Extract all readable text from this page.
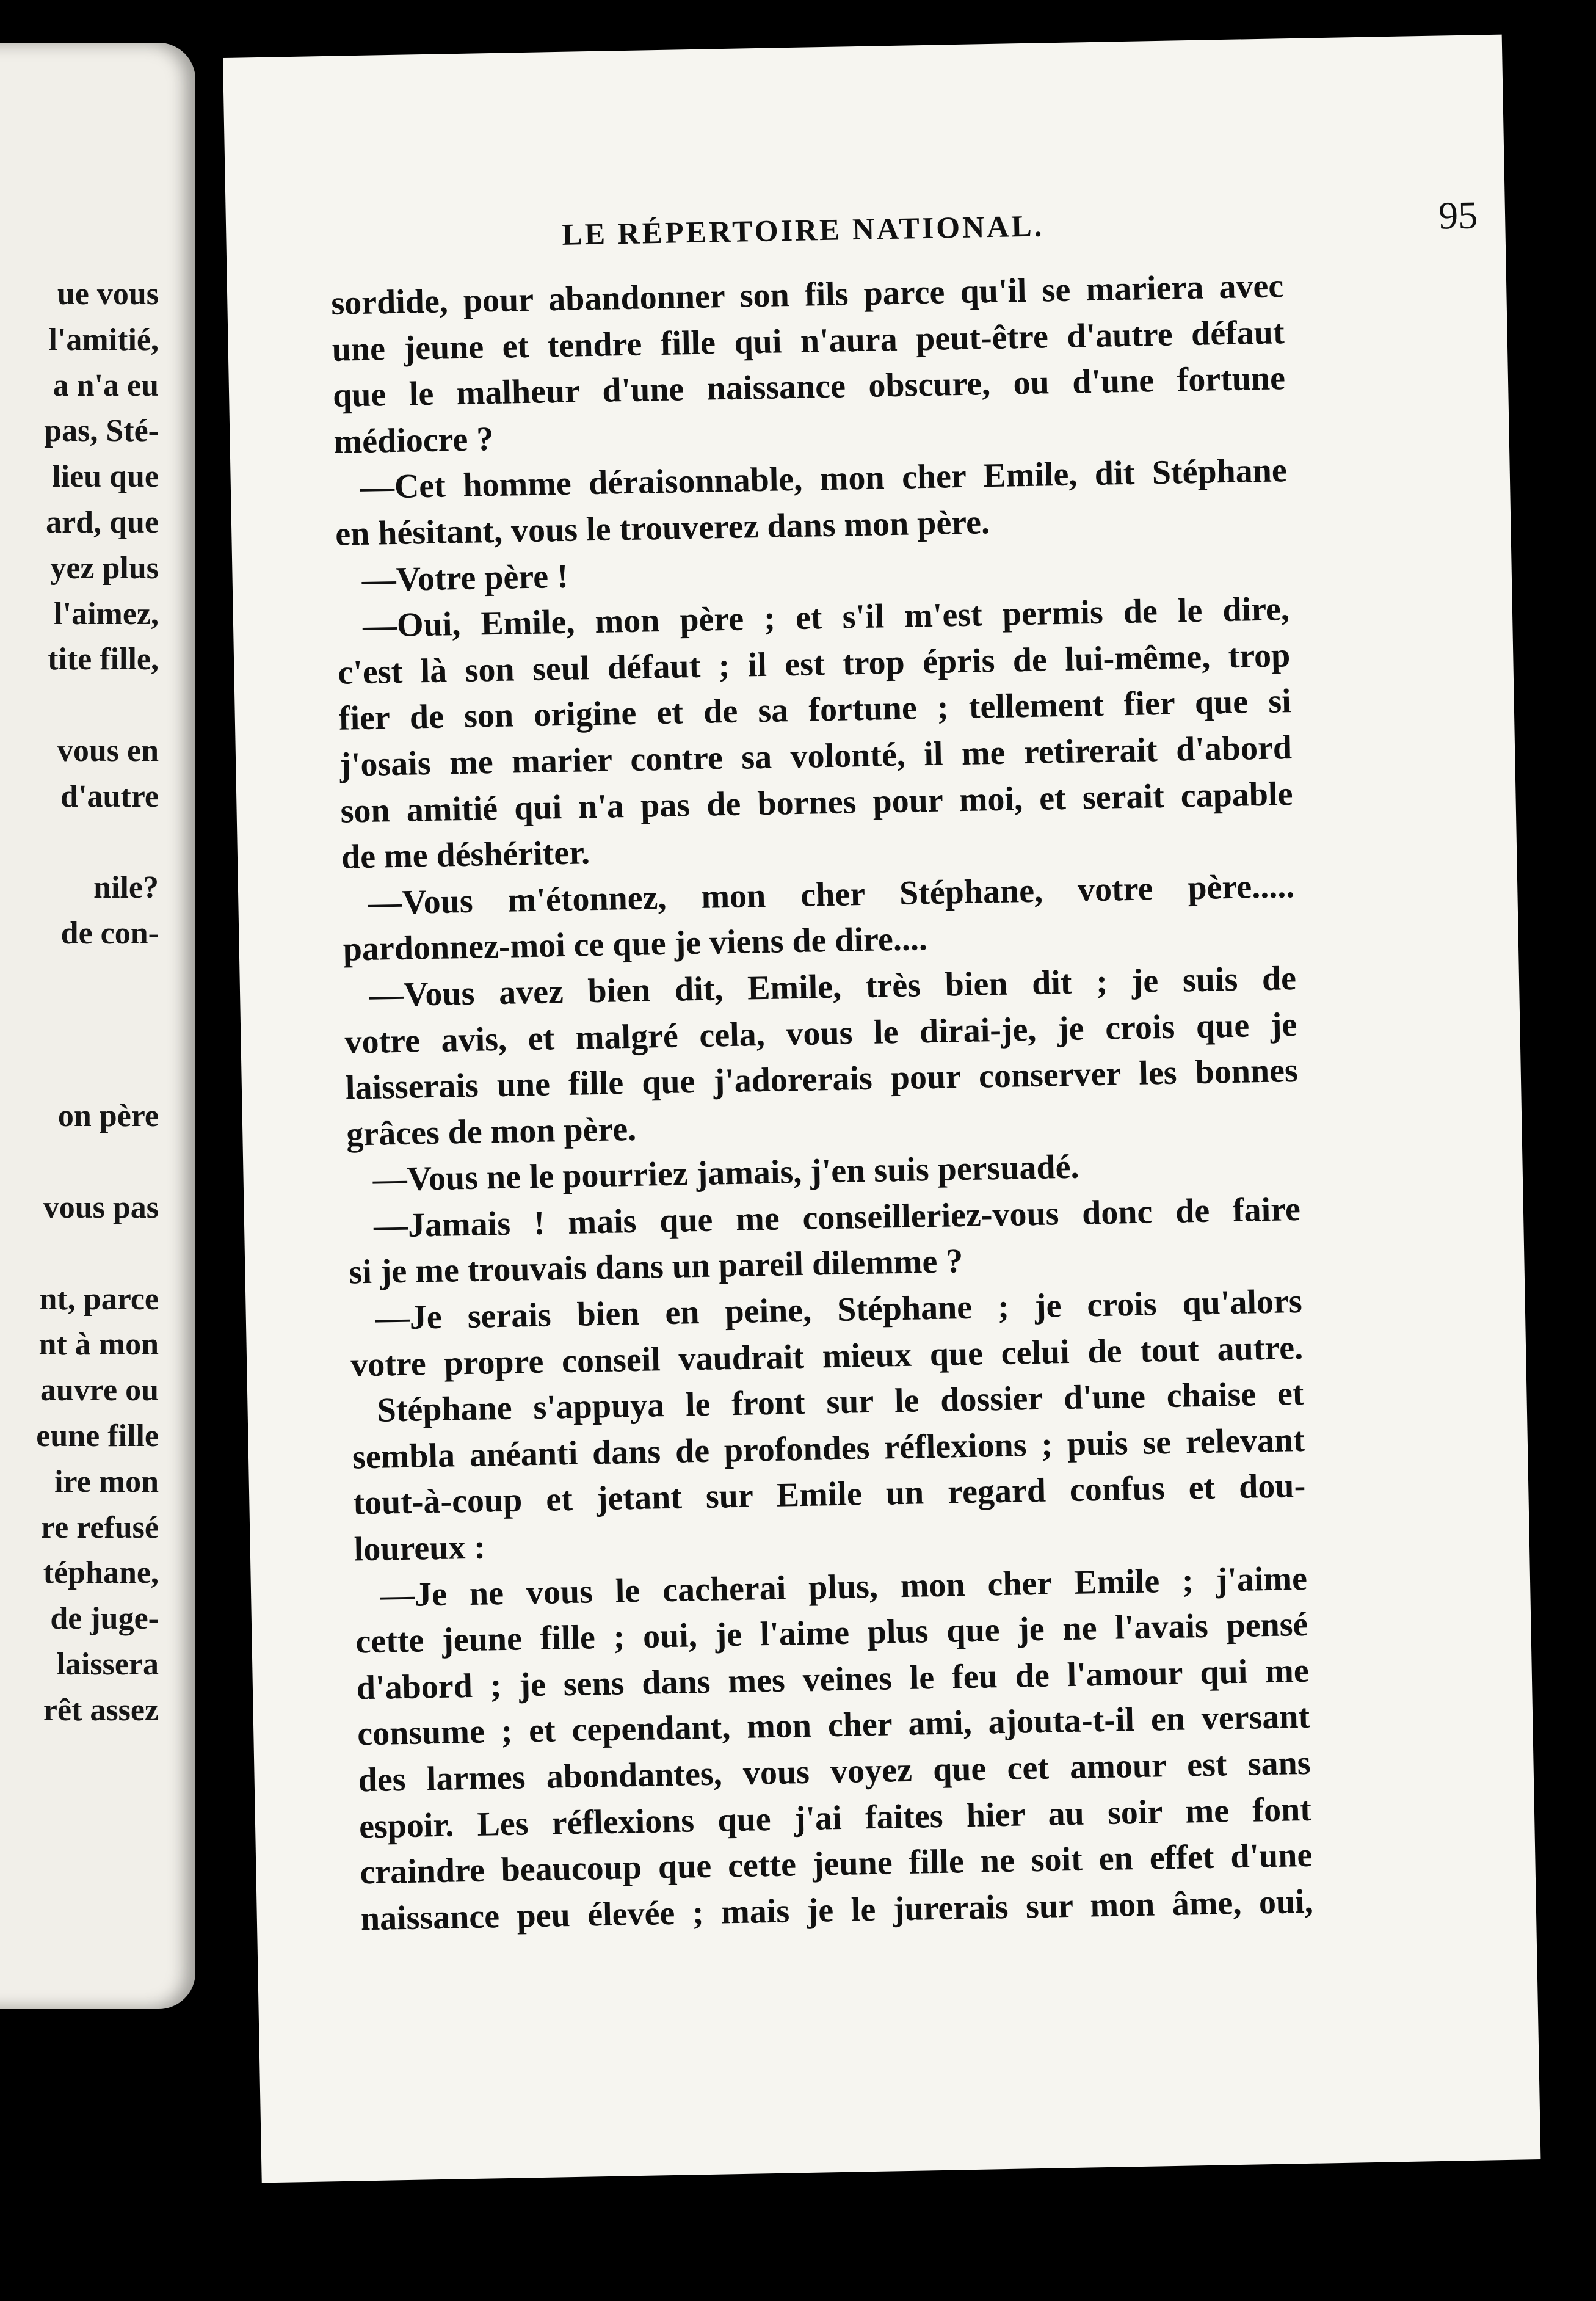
ue vous
l'amitié,
a n'a eu
pas, Sté-
lieu que
ard, que
yez plus
l'aimez,
tite fille,
vous en
d'autre
nile?
de con-
on père
vous pas
nt, parce
nt à mon
auvre ou
eune fille
ire mon
re refusé
téphane,
de juge-
laissera
rêt assez
LE RÉPERTOIRE NATIONAL.	95
sordide, pour abandonner son fils parce qu'il se mariera avec
une jeune et tendre fille qui n'aura peut-être d'autre défaut
que le malheur d'une naissance obscure, ou d'une fortune
médiocre ?
—Cet homme déraisonnable, mon cher Emile, dit Stéphane
en hésitant, vous le trouverez dans mon père.
—Votre père !
—Oui, Emile, mon père ; et s'il m'est permis de le dire,
c'est là son seul défaut ; il est trop épris de lui-même, trop
fier de son origine et de sa fortune ; tellement fier que si
j'osais me marier contre sa volonté, il me retirerait d'abord
son amitié qui n'a pas de bornes pour moi, et serait capable
de me déshériter.
—Vous m'étonnez, mon cher Stéphane, votre père.....
pardonnez-moi ce que je viens de dire....
—Vous avez bien dit, Emile, très bien dit ; je suis de
votre avis, et malgré cela, vous le dirai-je, je crois que je
laisserais une fille que j'adorerais pour conserver les bonnes
grâces de mon père.
—Vous ne le pourriez jamais, j'en suis persuadé.
—Jamais ! mais que me conseilleriez-vous donc de faire
si je me trouvais dans un pareil dilemme ?
—Je serais bien en peine, Stéphane ; je crois qu'alors
votre propre conseil vaudrait mieux que celui de tout autre.
Stéphane s'appuya le front sur le dossier d'une chaise et
sembla anéanti dans de profondes réflexions ; puis se relevant
tout-à-coup et jetant sur Emile un regard confus et dou-
loureux :
—Je ne vous le cacherai plus, mon cher Emile ; j'aime
cette jeune fille ; oui, je l'aime plus que je ne l'avais pensé
d'abord ; je sens dans mes veines le feu de l'amour qui me
consume ; et cependant, mon cher ami, ajouta-t-il en versant
des larmes abondantes, vous voyez que cet amour est sans
espoir. Les réflexions que j'ai faites hier au soir me font
craindre beaucoup que cette jeune fille ne soit en effet d'une
naissance peu élevée ; mais je le jurerais sur mon âme, oui,
